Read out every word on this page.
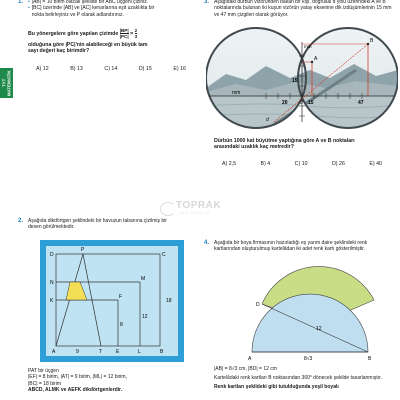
TYT MATEMATİK
1. • |AB| = 10 birim olacak şekilde bir ABC üçgeni çiziniz.
• [BC] üzerinde [AB] ve [AC] kenarlarına eşit uzaklıkta bir nokta belirleyiniz ve P olarak adlandırınız.
Bu yönergelere göre yapılan çizimde $\frac{|BP|}{|PC|} = \frac{2}{3}$
olduğuna göre |PC|'nin alabileceği en büyük tam sayı değeri kaç birimdir?
A) 12	B) 13	C) 14	D) 15	E) 16
3. Aşağıdaki dürbün vizöründen bakan bir kişi, doğrusal d yolu üzerindeki A ve B noktalarında bulunan iki kuşun vizörün yatay eksenine dik izdüşümlerinin 15 mm ve 47 mm çizgileri olarak görüyor.
mm
0
20	15	47
15
mm
d
A
B
Dürbün 1000 kat büyütme yaptığına göre A ve B noktaları arasındaki uzaklık kaç metredir?
A) 2,5	B) 4	C) 10	D) 26	E) 40
TOPRAK
YAYINCILIK
2. Aşağıda dikdörtgen şeklindeki bir havuzun tabanına çizilmiş bir desen görülmektedir.
D
P
C
N
M
K
F
A	T	E	L	B
18
12
8
9
PAT bir üçgen
|EF| = 8 birim, |AT| = 9 birim, |ML| = 12 birim,
|BC| = 18 birim
ABCD, ALMK ve AEFK dikdörtgenlerdir.
4. Aşağıda bir boya firmasının hazırladığı eş yarım daire şeklindeki renk kartlarından oluşturulmuş kartelâdan iki adet renk kartı gösterilmiştir.
A	B
D
12
8√3
|AB| = 8√3 cm, |BD| = 12 cm
Kartelâdaki renk kartları B noktasından 360° dönecek şekilde tasarlanmıştır.
Renk kartları şekildeki gibi tutulduğunda yeşil boyalı
